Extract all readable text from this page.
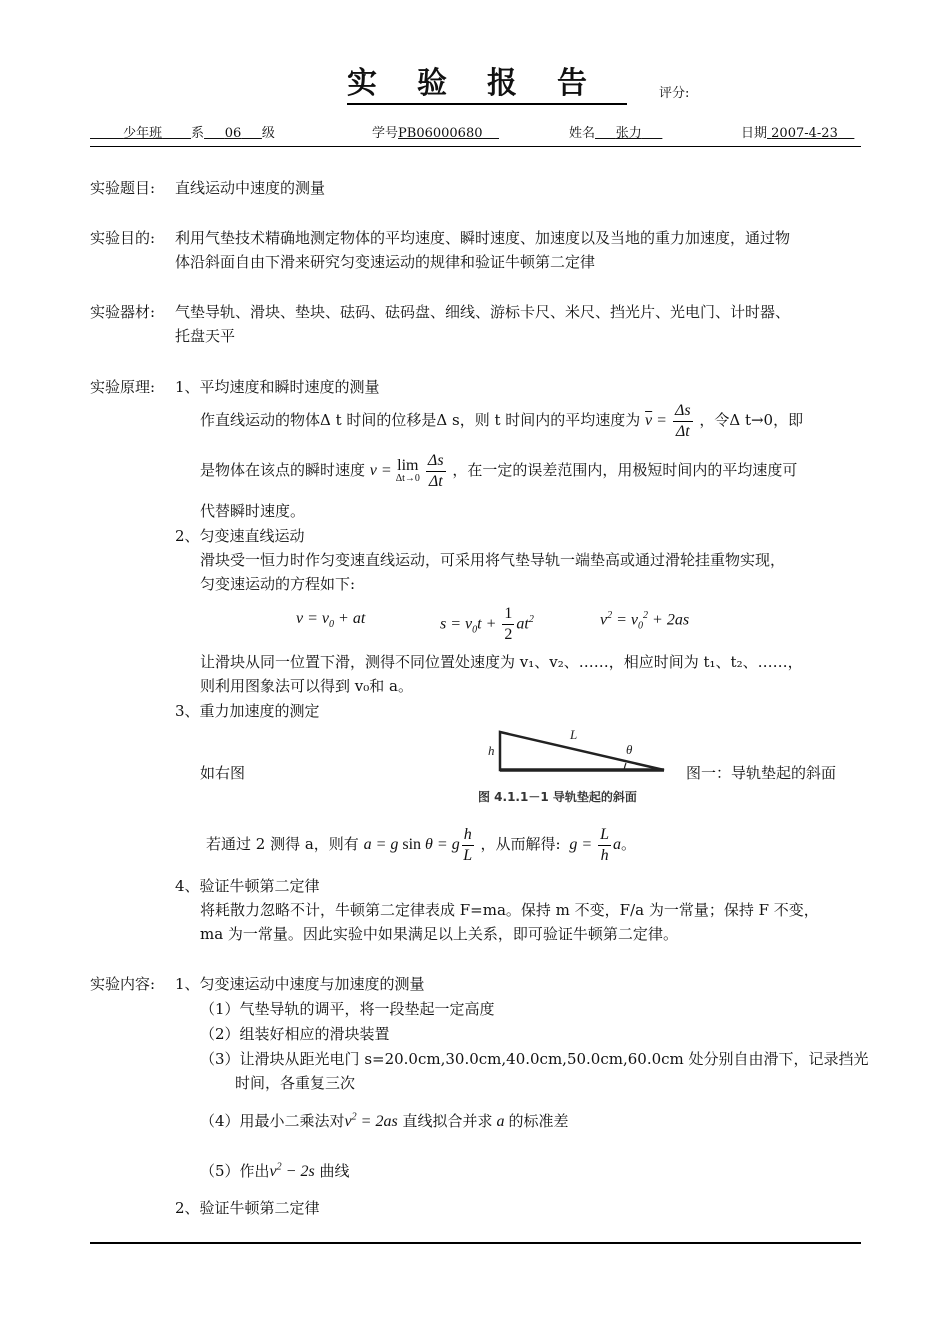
实验报告 评分:
少年班 系 06 级	学号PB06000680	姓名 张力	日期 2007-4-23
实验题目: 直线运动中速度的测量
实验目的: 利用气垫技术精确地测定物体的平均速度、瞬时速度、加速度以及当地的重力加速度，通过物
体沿斜面自由下滑来研究匀变速运动的规律和验证牛顿第二定律
实验器材: 气垫导轨、滑块、垫块、砝码、砝码盘、细线、游标卡尺、米尺、挡光片、光电门、计时器、
托盘天平
实验原理: 1、平均速度和瞬时速度的测量
作直线运动的物体Δ t 时间的位移是Δ s，则 t 时间内的平均速度为 $\overline{v} = \frac{\Delta s}{\Delta t}$ ，令Δ t→0，即
是物体在该点的瞬时速度 v = lim
Δt→0
$\frac{\Delta s}{\Delta t}$ ，在一定的误差范围内，用极短时间内的平均速度可
代替瞬时速度。
2、匀变速直线运动
滑块受一恒力时作匀变速直线运动，可采用将气垫导轨一端垫高或通过滑轮挂重物实现，
匀变速运动的方程如下:
$v = v_0$ + at	$s = v_0t + \frac{1}{2} at^2$	$v^2 = v_0^2 + 2as$
让滑块从同一位置下滑，测得不同位置处速度为 v₁、v₂、……，相应时间为 t₁、t₂、……，
则利用图象法可以得到 v₀和 a。
3、重力加速度的测定
如右图
L
h	θ
图 4.1.1－1 导轨垫起的斜面
图一：导轨垫起的斜面
若通过 2 测得 a，则有 a = g sin θ = g $\frac{h}{L}$ ，从而解得: $g = \frac{L}{h}$ a。
4、验证牛顿第二定律
将耗散力忽略不计，牛顿第二定律表成 F=ma。保持 m 不变，F/a 为一常量；保持 F 不变，
ma 为一常量。因此实验中如果满足以上关系，即可验证牛顿第二定律。
实验内容: 1、匀变速运动中速度与加速度的测量
（1）气垫导轨的调平，将一段垫起一定高度
（2）组装好相应的滑块装置
（3）让滑块从距光电门 s=20.0cm,30.0cm,40.0cm,50.0cm,60.0cm 处分别自由滑下，记录挡光
时间，各重复三次
（4）用最小二乘法对$v^2 = 2as$ 直线拟合并求 a 的标准差
（5）作出$v^2 - 2s$ 曲线
2、验证牛顿第二定律
